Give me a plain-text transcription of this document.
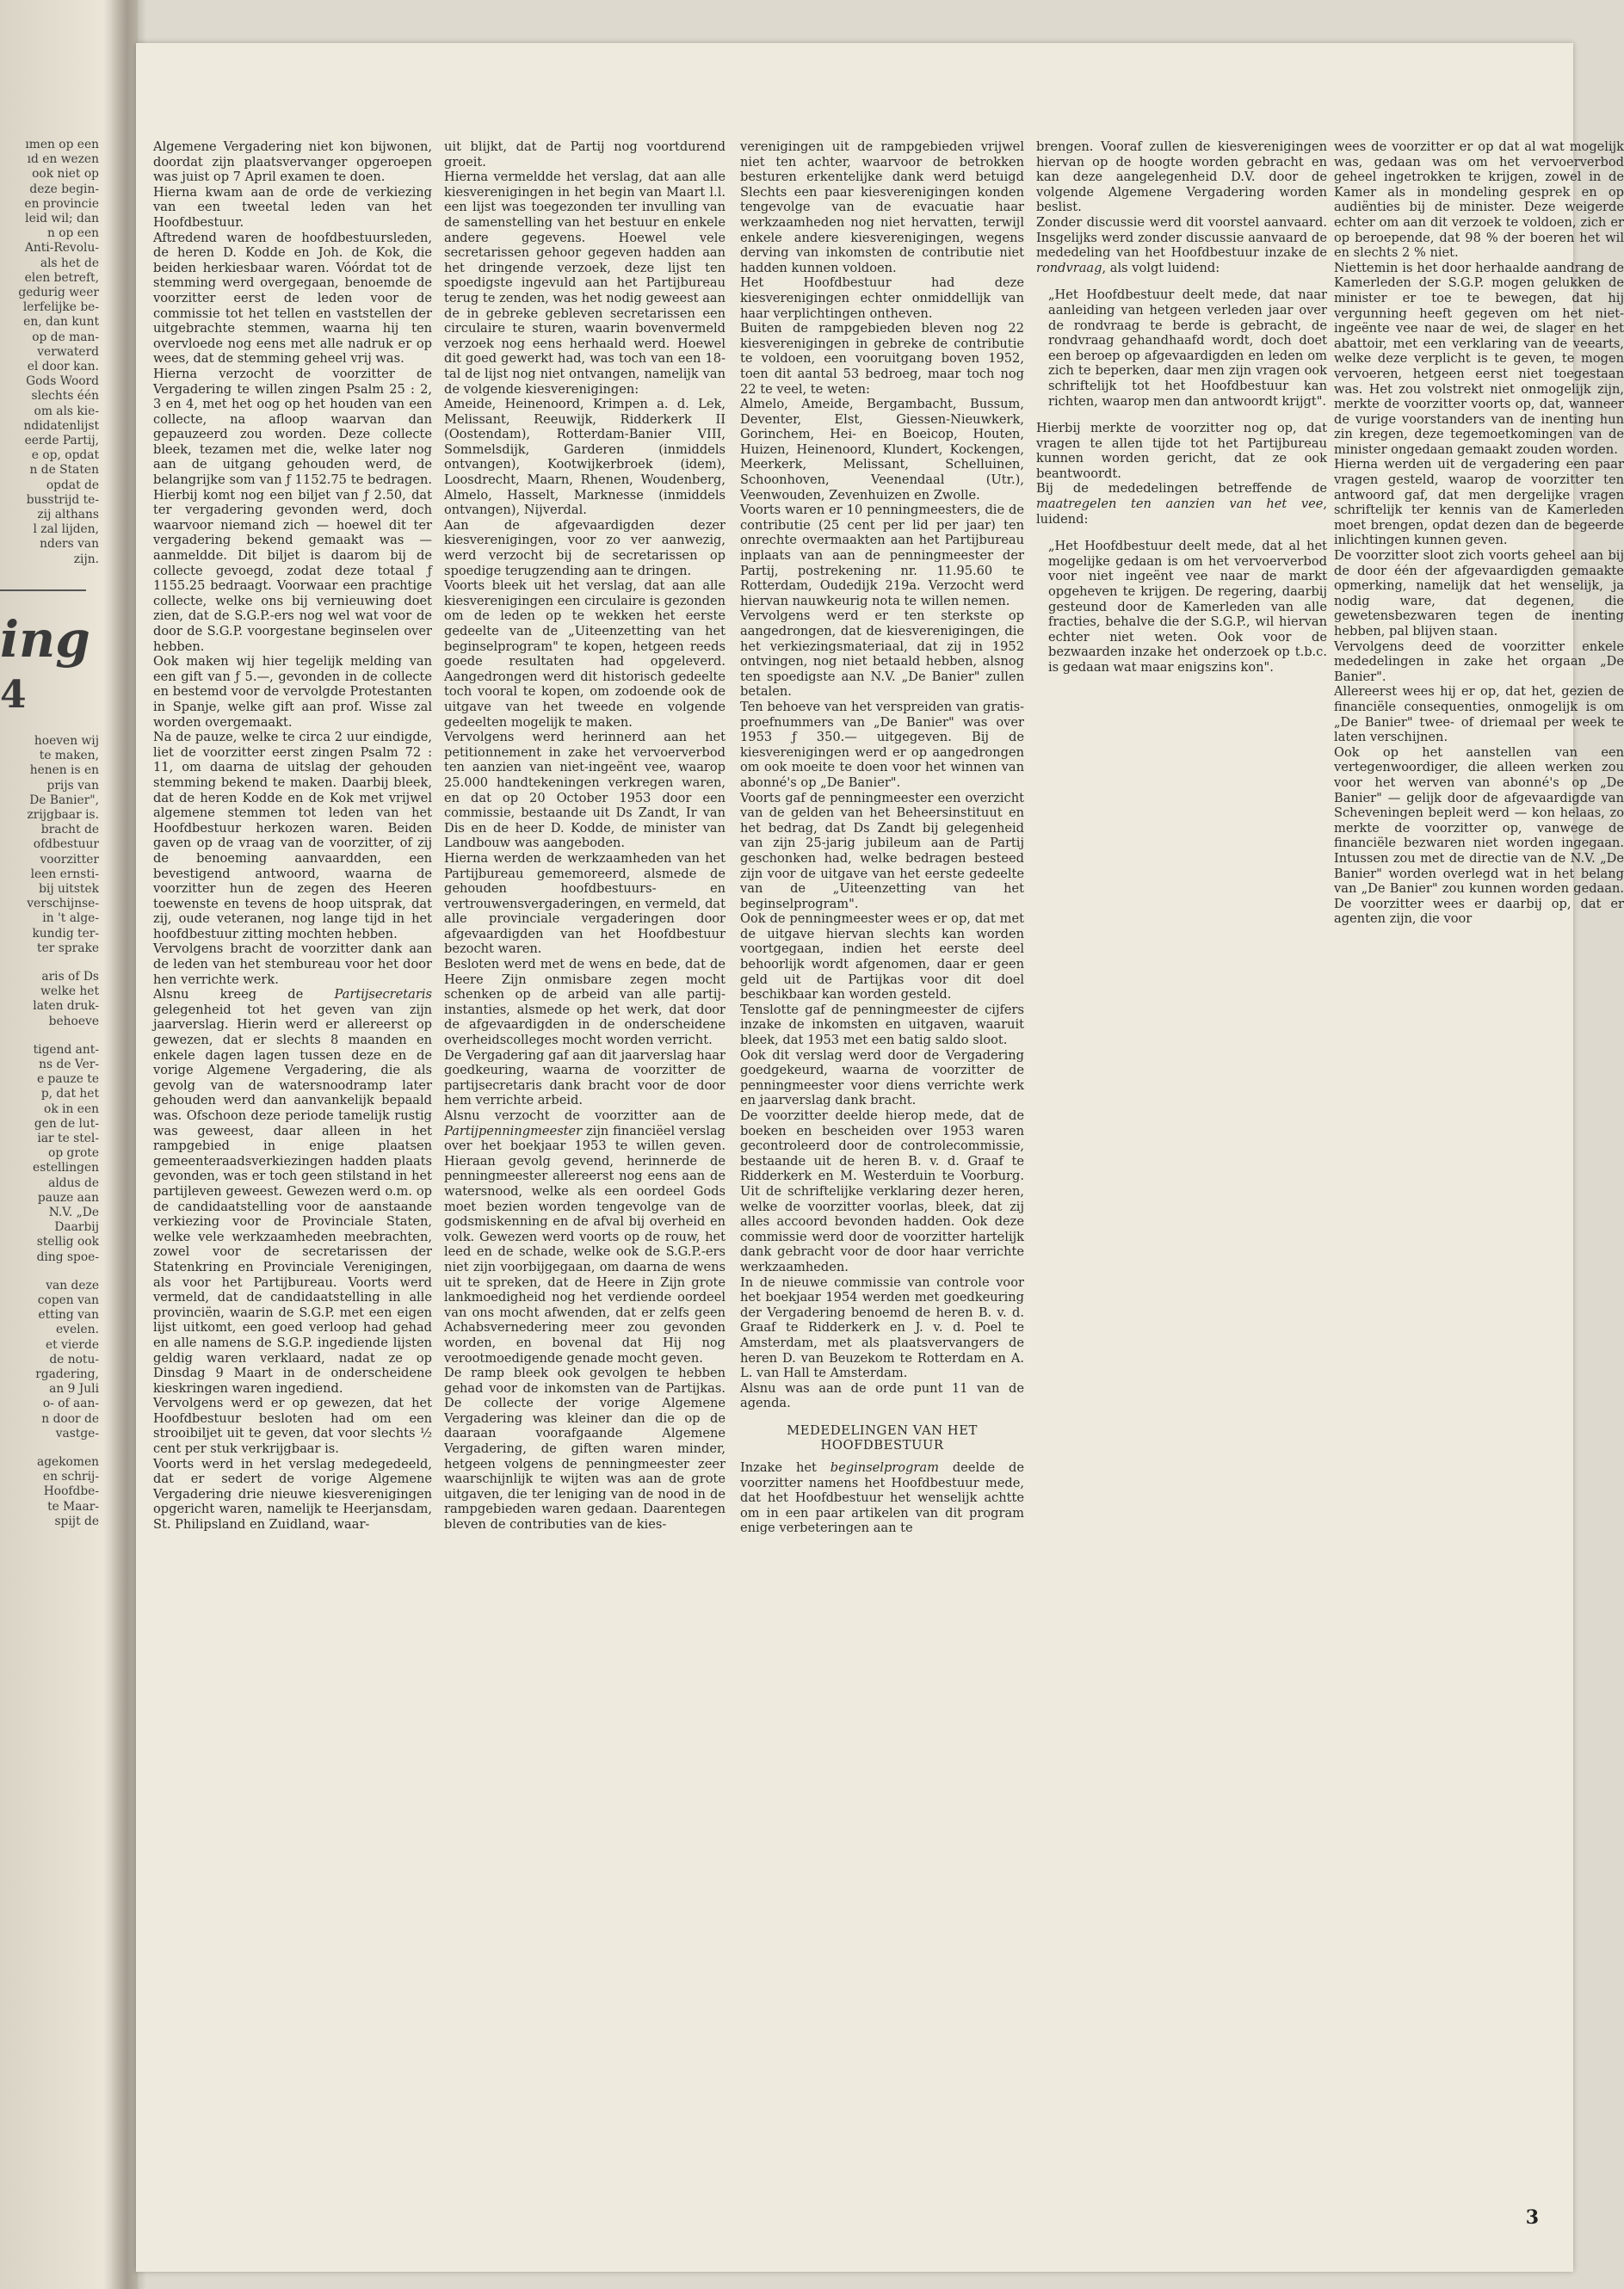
ımen op een
ıd en wezen
ook niet op
deze begin-
en provincie
leid wil; dan
n op een
Anti-Revolu-
als het de
elen betreft,
gedurig weer
lerfelijke be-
en, dan kunt
op de man-
verwaterd
el door kan.
Gods Woord
slechts één
om als kie-
ndidatenlijst
eerde Partij,
e op, opdat
n de Staten
opdat de
busstrijd te-
zij althans
l zal lijden,
nders van
zijn.
ing
4
hoeven wij
te maken,
henen is en
prijs van
De Banier",
zrijgbaar is.
bracht de
ofdbestuur
voorzitter
leen ernsti-
bij uitstek
verschijnse-
in 't alge-
kundig ter-
ter sprake
aris of Ds
welke het
laten druk-
behoeve
tigend ant-
ns de Ver-
e pauze te
p, dat het
ok in een
gen de lut-
iar te stel-
op grote
estellingen
aldus de
pauze aan
N.V. „De
Daarbij
stellig ook
ding spoe-
van deze
copen van
etting van
evelen.
et vierde
de notu-
rgadering,
an 9 Juli
o- of aan-
n door de
vastge-
agekomen
en schrij-
Hoofdbe-
te Maar-
spijt de

Algemene Vergadering niet kon bijwonen, doordat zijn plaatsvervanger opgeroepen was juist op 7 April examen te doen.

Hierna kwam aan de orde de verkiezing van een tweetal leden van het Hoofdbestuur.

Aftredend waren de hoofdbestuursleden, de heren D. Kodde en Joh. de Kok, die beiden herkiesbaar waren. Vóórdat tot de stemming werd overgegaan, benoemde de voorzitter eerst de leden voor de commissie tot het tellen en vaststellen der uitgebrachte stemmen, waarna hij ten overvloede nog eens met alle nadruk er op wees, dat de stemming geheel vrij was.

Hierna verzocht de voorzitter de Vergadering te willen zingen Psalm 25 : 2, 3 en 4, met het oog op het houden van een collecte, na afloop waarvan dan gepauzeerd zou worden. Deze collecte bleek, tezamen met die, welke later nog aan de uitgang gehouden werd, de belangrijke som van ƒ 1152.75 te bedragen. Hierbij komt nog een biljet van ƒ 2.50, dat ter vergadering gevonden werd, doch waarvoor niemand zich — hoewel dit ter vergadering bekend gemaakt was — aanmeldde. Dit biljet is daarom bij de collecte gevoegd, zodat deze totaal ƒ 1155.25 bedraagt. Voorwaar een prachtige collecte, welke ons bij vernieuwing doet zien, dat de S.G.P.-ers nog wel wat voor de door de S.G.P. voorgestane beginselen over hebben.

Ook maken wij hier tegelijk melding van een gift van ƒ 5.—, gevonden in de collecte en bestemd voor de vervolgde Protestanten in Spanje, welke gift aan prof. Wisse zal worden overgemaakt.

Na de pauze, welke te circa 2 uur eindigde, liet de voorzitter eerst zingen Psalm 72 : 11, om daarna de uitslag der gehouden stemming bekend te maken. Daarbij bleek, dat de heren Kodde en de Kok met vrijwel algemene stemmen tot leden van het Hoofdbestuur herkozen waren. Beiden gaven op de vraag van de voorzitter, of zij de benoeming aanvaardden, een bevestigend antwoord, waarna de voorzitter hun de zegen des Heeren toewenste en tevens de hoop uitsprak, dat zij, oude veteranen, nog lange tijd in het hoofdbestuur zitting mochten hebben.

Vervolgens bracht de voorzitter dank aan de leden van het stembureau voor het door hen verrichte werk.

Alsnu kreeg de Partijsecretaris gelegenheid tot het geven van zijn jaarverslag. Hierin werd er allereerst op gewezen, dat er slechts 8 maanden en enkele dagen lagen tussen deze en de vorige Algemene Vergadering, die als gevolg van de watersnoodramp later gehouden werd dan aanvankelijk bepaald was. Ofschoon deze periode tamelijk rustig was geweest, daar alleen in het rampgebied in enige plaatsen gemeenteraadsverkiezingen hadden plaats gevonden, was er toch geen stilstand in het partijleven geweest. Gewezen werd o.m. op de candidaatstelling voor de aanstaande verkiezing voor de Provinciale Staten, welke vele werkzaamheden meebrachten, zowel voor de secretarissen der Statenkring en Provinciale Verenigingen, als voor het Partijbureau. Voorts werd vermeld, dat de candidaatstelling in alle provinciën, waarin de S.G.P. met een eigen lijst uitkomt, een goed verloop had gehad en alle namens de S.G.P. ingediende lijsten geldig waren verklaard, nadat ze op Dinsdag 9 Maart in de onderscheidene kieskringen waren ingediend.

Vervolgens werd er op gewezen, dat het Hoofdbestuur besloten had om een strooibiljet uit te geven, dat voor slechts ½ cent per stuk verkrijgbaar is.

Voorts werd in het verslag medegedeeld, dat er sedert de vorige Algemene Vergadering drie nieuwe kiesverenigingen opgericht waren, namelijk te Heerjansdam, St. Philipsland en Zuidland, waar-

uit blijkt, dat de Partij nog voortdurend groeit.

Hierna vermeldde het verslag, dat aan alle kiesverenigingen in het begin van Maart l.l. een lijst was toegezonden ter invulling van de samenstelling van het bestuur en enkele andere gegevens. Hoewel vele secretarissen gehoor gegeven hadden aan het dringende verzoek, deze lijst ten spoedigste ingevuld aan het Partijbureau terug te zenden, was het nodig geweest aan de in gebreke gebleven secretarissen een circulaire te sturen, waarin bovenvermeld verzoek nog eens herhaald werd. Hoewel dit goed gewerkt had, was toch van een 18-tal de lijst nog niet ontvangen, namelijk van de volgende kiesverenigingen:

Ameide, Heinenoord, Krimpen a. d. Lek, Melissant, Reeuwijk, Ridderkerk II (Oostendam), Rotterdam-Banier VIII, Sommelsdijk, Garderen (inmiddels ontvangen), Kootwijkerbroek (idem), Loosdrecht, Maarn, Rhenen, Woudenberg, Almelo, Hasselt, Marknesse (inmiddels ontvangen), Nijverdal.

Aan de afgevaardigden dezer kiesverenigingen, voor zo ver aanwezig, werd verzocht bij de secretarissen op spoedige terugzending aan te dringen.

Voorts bleek uit het verslag, dat aan alle kiesverenigingen een circulaire is gezonden om de leden op te wekken het eerste gedeelte van de „Uiteenzetting van het beginselprogram" te kopen, hetgeen reeds goede resultaten had opgeleverd. Aangedrongen werd dit historisch gedeelte toch vooral te kopen, om zodoende ook de uitgave van het tweede en volgende gedeelten mogelijk te maken.

Vervolgens werd herinnerd aan het petitionnement in zake het vervoerverbod ten aanzien van niet-ingeënt vee, waarop 25.000 handtekeningen verkregen waren, en dat op 20 October 1953 door een commissie, bestaande uit Ds Zandt, Ir van Dis en de heer D. Kodde, de minister van Landbouw was aangeboden.

Hierna werden de werkzaamheden van het Partijbureau gememoreerd, alsmede de gehouden hoofdbestuurs- en vertrouwensvergaderingen, en vermeld, dat alle provinciale vergaderingen door afgevaardigden van het Hoofdbestuur bezocht waren.

Besloten werd met de wens en bede, dat de Heere Zijn onmisbare zegen mocht schenken op de arbeid van alle partij-instanties, alsmede op het werk, dat door de afgevaardigden in de onderscheidene overheidscolleges mocht worden verricht.

De Vergadering gaf aan dit jaarverslag haar goedkeuring, waarna de voorzitter de partijsecretaris dank bracht voor de door hem verrichte arbeid.

Alsnu verzocht de voorzitter aan de Partijpenningmeester zijn financiëel verslag over het boekjaar 1953 te willen geven. Hieraan gevolg gevend, herinnerde de penningmeester allereerst nog eens aan de watersnood, welke als een oordeel Gods moet bezien worden tengevolge van de godsmiskenning en de afval bij overheid en volk. Gewezen werd voorts op de rouw, het leed en de schade, welke ook de S.G.P.-ers niet zijn voorbijgegaan, om daarna de wens uit te spreken, dat de Heere in Zijn grote lankmoedigheid nog het verdiende oordeel van ons mocht afwenden, dat er zelfs geen Achabsvernedering meer zou gevonden worden, en bovenal dat Hij nog verootmoedigende genade mocht geven.

De ramp bleek ook gevolgen te hebben gehad voor de inkomsten van de Partijkas. De collecte der vorige Algemene Vergadering was kleiner dan die op de daaraan voorafgaande Algemene Vergadering, de giften waren minder, hetgeen volgens de penningmeester zeer waarschijnlijk te wijten was aan de grote uitgaven, die ter leniging van de nood in de rampgebieden waren gedaan. Daarentegen bleven de contributies van de kies-

verenigingen uit de rampgebieden vrijwel niet ten achter, waarvoor de betrokken besturen erkentelijke dank werd betuigd Slechts een paar kiesverenigingen konden tengevolge van de evacuatie haar werkzaamheden nog niet hervatten, terwijl enkele andere kiesverenigingen, wegens derving van inkomsten de contributie niet hadden kunnen voldoen.

Het Hoofdbestuur had deze kiesverenigingen echter onmiddellijk van haar verplichtingen ontheven.

Buiten de rampgebieden bleven nog 22 kiesverenigingen in gebreke de contributie te voldoen, een vooruitgang boven 1952, toen dit aantal 53 bedroeg, maar toch nog 22 te veel, te weten:

Almelo, Ameide, Bergambacht, Bussum, Deventer, Elst, Giessen-Nieuwkerk, Gorinchem, Hei- en Boeicop, Houten, Huizen, Heinenoord, Klundert, Kockengen, Meerkerk, Melissant, Schelluinen, Schoonhoven, Veenendaal (Utr.), Veenwouden, Zevenhuizen en Zwolle.

Voorts waren er 10 penningmeesters, die de contributie (25 cent per lid per jaar) ten onrechte overmaakten aan het Partijbureau inplaats van aan de penningmeester der Partij, postrekening nr. 11.95.60 te Rotterdam, Oudedijk 219a. Verzocht werd hiervan nauwkeurig nota te willen nemen.

Vervolgens werd er ten sterkste op aangedrongen, dat de kiesverenigingen, die het verkiezingsmateriaal, dat zij in 1952 ontvingen, nog niet betaald hebben, alsnog ten spoedigste aan N.V. „De Banier" zullen betalen.

Ten behoeve van het verspreiden van gratis-proefnummers van „De Banier" was over 1953 ƒ 350.— uitgegeven. Bij de kiesverenigingen werd er op aangedrongen om ook moeite te doen voor het winnen van abonné's op „De Banier".

Voorts gaf de penningmeester een overzicht van de gelden van het Beheersinstituut en het bedrag, dat Ds Zandt bij gelegenheid van zijn 25-jarig jubileum aan de Partij geschonken had, welke bedragen besteed zijn voor de uitgave van het eerste gedeelte van de „Uiteenzetting van het beginselprogram".

Ook de penningmeester wees er op, dat met de uitgave hiervan slechts kan worden voortgegaan, indien het eerste deel behoorlijk wordt afgenomen, daar er geen geld uit de Partijkas voor dit doel beschikbaar kan worden gesteld.

Tenslotte gaf de penningmeester de cijfers inzake de inkomsten en uitgaven, waaruit bleek, dat 1953 met een batig saldo sloot.

Ook dit verslag werd door de Vergadering goedgekeurd, waarna de voorzitter de penningmeester voor diens verrichte werk en jaarverslag dank bracht.

De voorzitter deelde hierop mede, dat de boeken en bescheiden over 1953 waren gecontroleerd door de controlecommissie, bestaande uit de heren B. v. d. Graaf te Ridderkerk en M. Westerduin te Voorburg. Uit de schriftelijke verklaring dezer heren, welke de voorzitter voorlas, bleek, dat zij alles accoord bevonden hadden. Ook deze commissie werd door de voorzitter hartelijk dank gebracht voor de door haar verrichte werkzaamheden.

In de nieuwe commissie van controle voor het boekjaar 1954 werden met goedkeuring der Vergadering benoemd de heren B. v. d. Graaf te Ridderkerk en J. v. d. Poel te Amsterdam, met als plaatsvervangers de heren D. van Beuzekom te Rotterdam en A. L. van Hall te Amsterdam.

Alsnu was aan de orde punt 11 van de agenda.

MEDEDELINGEN VAN HET HOOFDBESTUUR

Inzake het beginselprogram deelde de voorzitter namens het Hoofdbestuur mede, dat het Hoofdbestuur het wenselijk achtte om in een paar artikelen van dit program enige verbeteringen aan te

brengen. Vooraf zullen de kiesverenigingen hiervan op de hoogte worden gebracht en kan deze aangelegenheid D.V. door de volgende Algemene Vergadering worden beslist.

Zonder discussie werd dit voorstel aanvaard. Insgelijks werd zonder discussie aanvaard de mededeling van het Hoofdbestuur inzake de rondvraag, als volgt luidend:

„Het Hoofdbestuur deelt mede, dat naar aanleiding van hetgeen verleden jaar over de rondvraag te berde is gebracht, de rondvraag gehandhaafd wordt, doch doet een beroep op afgevaardigden en leden om zich te beperken, daar men zijn vragen ook schriftelijk tot het Hoofdbestuur kan richten, waarop men dan antwoordt krijgt".

Hierbij merkte de voorzitter nog op, dat vragen te allen tijde tot het Partijbureau kunnen worden gericht, dat ze ook beantwoordt.

Bij de mededelingen betreffende de maatregelen ten aanzien van het vee, luidend:

„Het Hoofdbestuur deelt mede, dat al het mogelijke gedaan is om het vervoerverbod voor niet ingeënt vee naar de markt opgeheven te krijgen. De regering, daarbij gesteund door de Kamerleden van alle fracties, behalve die der S.G.P., wil hiervan echter niet weten. Ook voor de bezwaarden inzake het onderzoek op t.b.c. is gedaan wat maar enigszins kon".

wees de voorzitter er op dat al wat mogelijk was, gedaan was om het vervoerverbod geheel ingetrokken te krijgen, zowel in de Kamer als in mondeling gesprek en op audiënties bij de minister. Deze weigerde echter om aan dit verzoek te voldoen, zich er op beroepende, dat 98 % der boeren het wil en slechts 2 % niet.

Niettemin is het door herhaalde aandrang de Kamerleden der S.G.P. mogen gelukken de minister er toe te bewegen, dat hij vergunning heeft gegeven om het niet-ingeënte vee naar de wei, de slager en het abattoir, met een verklaring van de veearts, welke deze verplicht is te geven, te mogen vervoeren, hetgeen eerst niet toegestaan was. Het zou volstrekt niet onmogelijk zijn, merkte de voorzitter voorts op, dat, wanneer de vurige voorstanders van de inenting hun zin kregen, deze tegemoetkomingen van de minister ongedaan gemaakt zouden worden.

Hierna werden uit de vergadering een paar vragen gesteld, waarop de voorzitter ten antwoord gaf, dat men dergelijke vragen schriftelijk ter kennis van de Kamerleden moet brengen, opdat dezen dan de begeerde inlichtingen kunnen geven.

De voorzitter sloot zich voorts geheel aan bij de door één der afgevaardigden gemaakte opmerking, namelijk dat het wenselijk, ja nodig ware, dat degenen, die gewetensbezwaren tegen de inenting hebben, pal blijven staan.

Vervolgens deed de voorzitter enkele mededelingen in zake het orgaan „De Banier".

Allereerst wees hij er op, dat het, gezien de financiële consequenties, onmogelijk is om „De Banier" twee- of driemaal per week te laten verschijnen.

Ook op het aanstellen van een vertegenwoordiger, die alleen werken zou voor het werven van abonné's op „De Banier" — gelijk door de afgevaardigde van Scheveningen bepleit werd — kon helaas, zo merkte de voorzitter op, vanwege de financiële bezwaren niet worden ingegaan. Intussen zou met de directie van de N.V. „De Banier" worden overlegd wat in het belang van „De Banier" zou kunnen worden gedaan. De voorzitter wees er daarbij op, dat er agenten zijn, die voor

3
